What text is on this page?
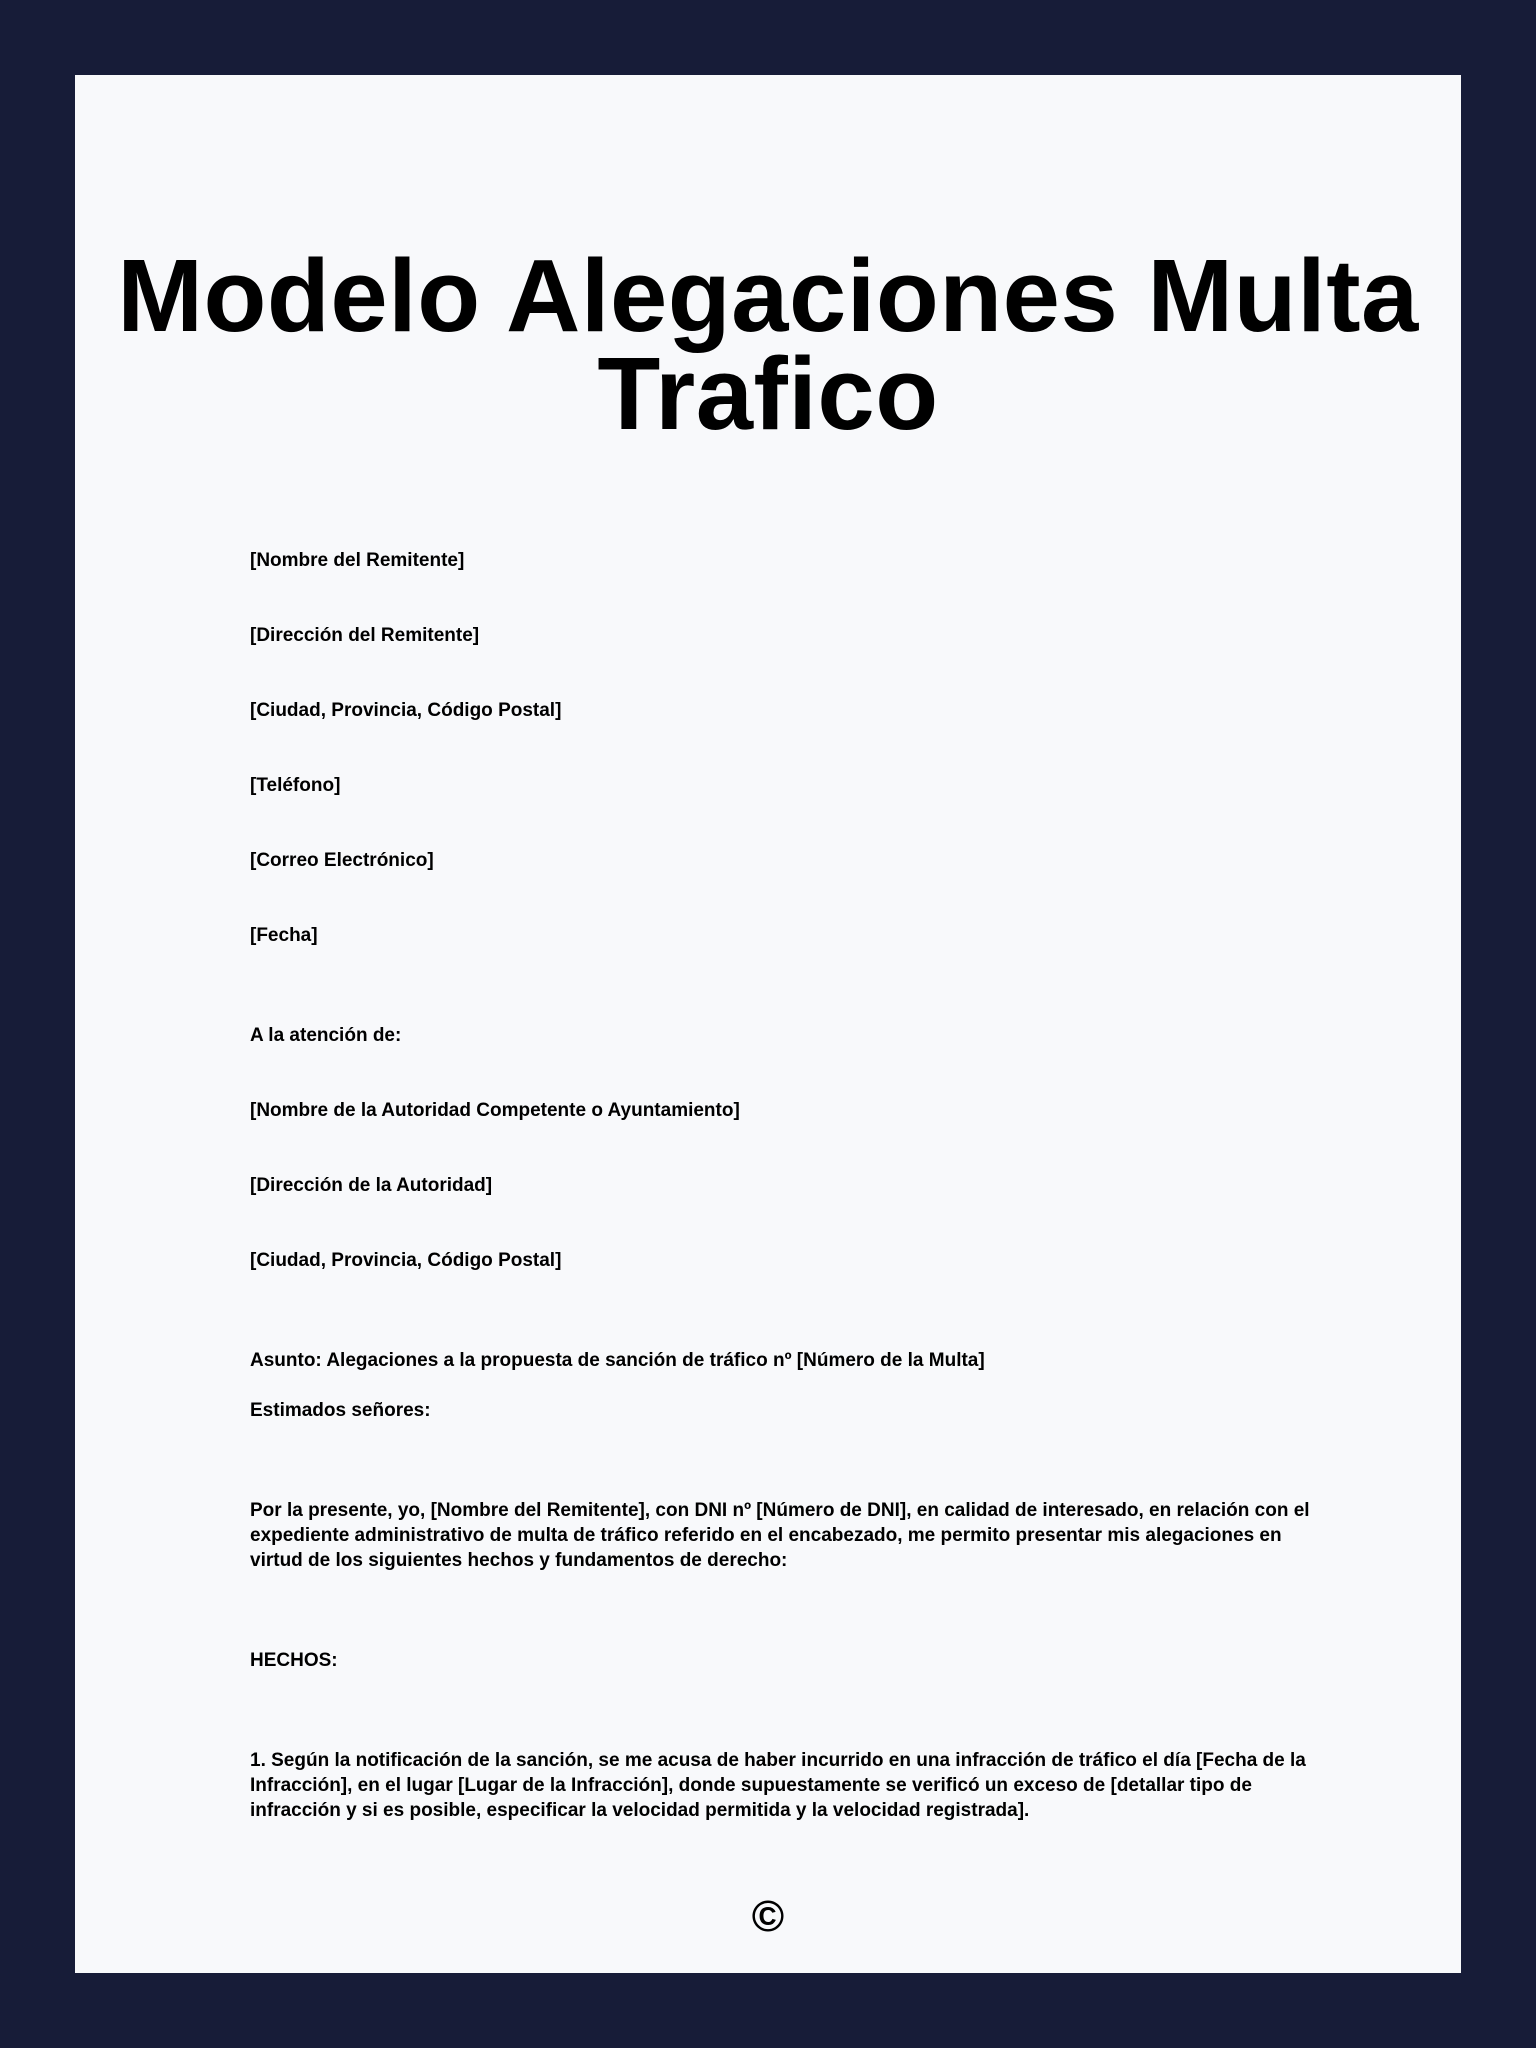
Modelo Alegaciones Multa Trafico
[Nombre del Remitente]
[Dirección del Remitente]
[Ciudad, Provincia, Código Postal]
[Teléfono]
[Correo Electrónico]
[Fecha]
A la atención de:
[Nombre de la Autoridad Competente o Ayuntamiento]
[Dirección de la Autoridad]
[Ciudad, Provincia, Código Postal]
Asunto: Alegaciones a la propuesta de sanción de tráfico nº [Número de la Multa]
Estimados señores:
Por la presente, yo, [Nombre del Remitente], con DNI nº [Número de DNI], en calidad de interesado, en relación con el expediente administrativo de multa de tráfico referido en el encabezado, me permito presentar mis alegaciones en virtud de los siguientes hechos y fundamentos de derecho:
HECHOS:
1. Según la notificación de la sanción, se me acusa de haber incurrido en una infracción de tráfico el día [Fecha de la Infracción], en el lugar [Lugar de la Infracción], donde supuestamente se verificó un exceso de [detallar tipo de infracción y si es posible, especificar la velocidad permitida y la velocidad registrada].
©
